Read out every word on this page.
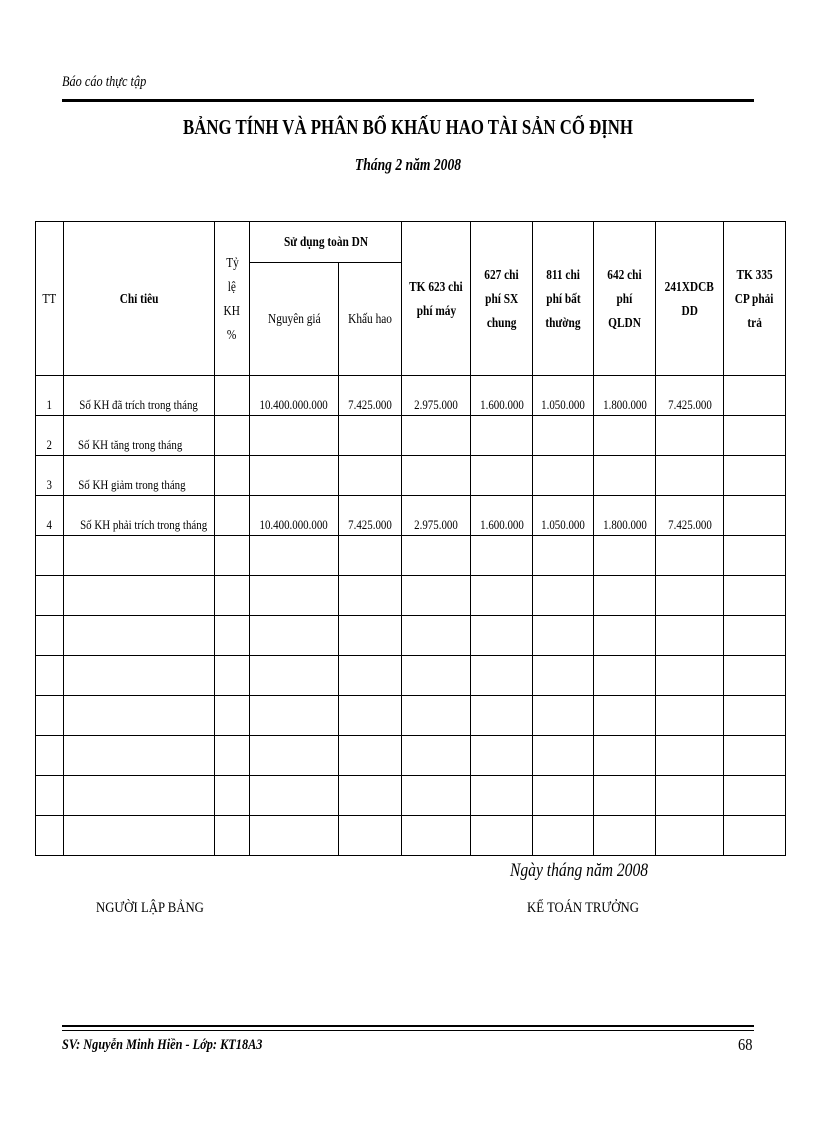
Báo cáo thực tập
BẢNG TÍNH VÀ PHÂN BỔ KHẤU HAO TÀI SẢN CỐ ĐỊNH
Tháng 2 năm 2008
TT	Chỉ tiêu	Tỷ
lệ
KH
%	Sử dụng toàn DN		TK 623 chi
phí máy	627 chi
phí SX
chung	811 chi
phí bất
thường	642 chi
phí
QLDN	241XDCB
DD	TK 335
CP phải
trả
			Nguyên giá	Khấu hao						
1	Số KH đã trích trong tháng		10.400.000.000	7.425.000	2.975.000	1.600.000	1.050.000	1.800.000	7.425.000	
2	Số KH tăng trong tháng									
3	Số KH giảm trong tháng									
4	Số KH phải trích trong tháng		10.400.000.000	7.425.000	2.975.000	1.600.000	1.050.000	1.800.000	7.425.000	

Ngày tháng năm 2008
NGƯỜI LẬP BẢNG	KẾ TOÁN TRƯỞNG
SV: Nguyễn Minh Hiền - Lớp: KT18A3	68
